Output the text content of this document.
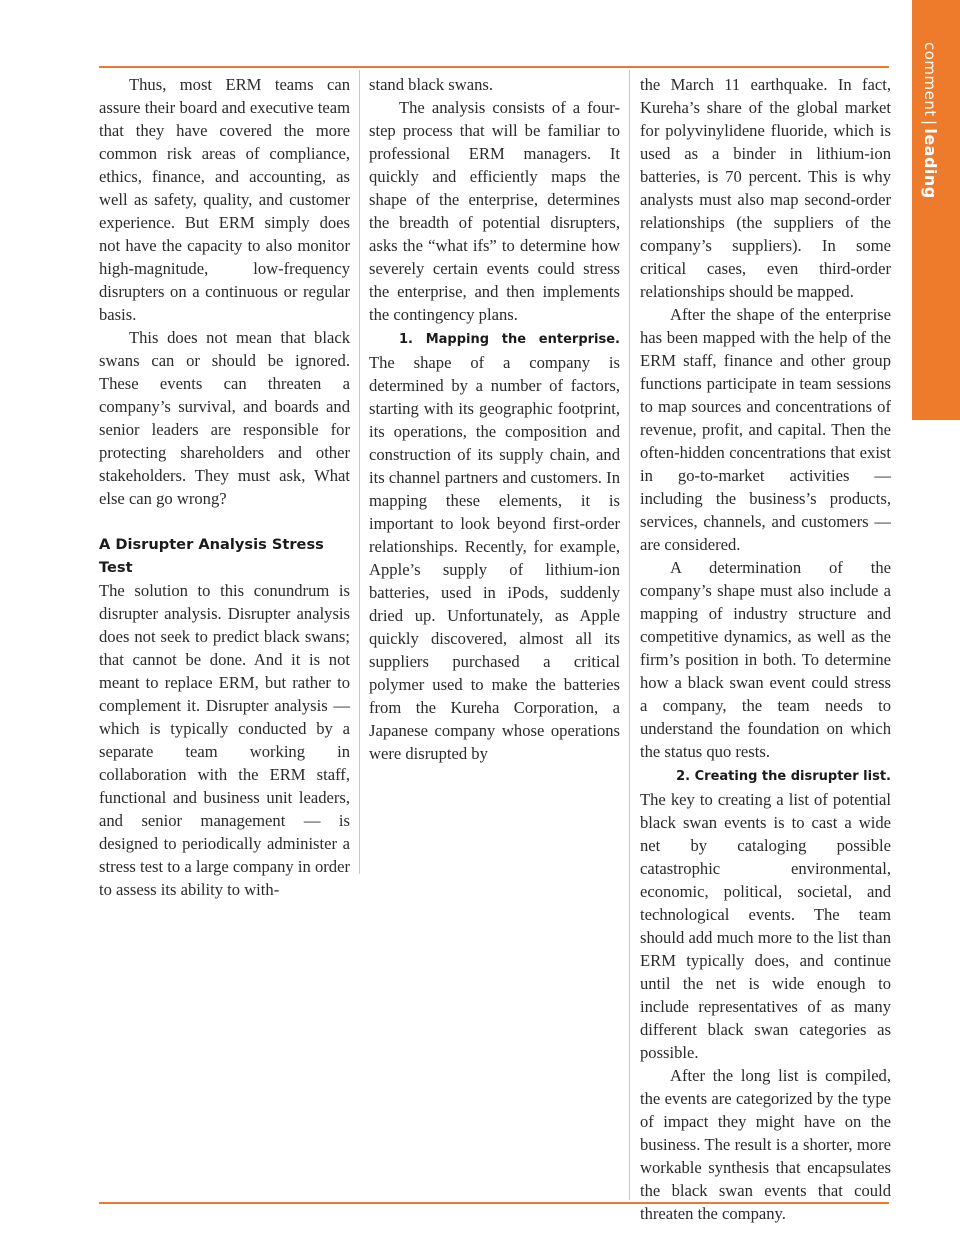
comment|leading

Thus, most ERM teams can assure their board and executive team that they have covered the more common risk areas of compliance, ethics, finance, and accounting, as well as safety, quality, and customer experience. But ERM simply does not have the capacity to also monitor high-magnitude, low-frequency disrupters on a continuous or regular basis.

This does not mean that black swans can or should be ignored. These events can threaten a company’s survival, and boards and senior leaders are responsible for protecting shareholders and other stakeholders. They must ask, What else can go wrong?

A Disrupter Analysis Stress Test

The solution to this conundrum is disrupter analysis. Disrupter analysis does not seek to predict black swans; that cannot be done. And it is not meant to replace ERM, but rather to complement it. Disrupter analysis — which is typically conducted by a separate team working in collaboration with the ERM staff, functional and business unit leaders, and senior management — is designed to periodically administer a stress test to a large company in order to assess its ability to with-

stand black swans.

The analysis consists of a four-step process that will be familiar to professional ERM managers. It quickly and efficiently maps the shape of the enterprise, determines the breadth of potential disrupters, asks the “what ifs” to determine how severely certain events could stress the enterprise, and then implements the contingency plans.

1. Mapping the enterprise. The shape of a company is determined by a number of factors, starting with its geographic footprint, its operations, the composition and construction of its supply chain, and its channel partners and customers. In mapping these elements, it is important to look beyond first-order relationships. Recently, for example, Apple’s supply of lithium-ion batteries, used in iPods, suddenly dried up. Unfortunately, as Apple quickly discovered, almost all its suppliers purchased a critical polymer used to make the batteries from the Kureha Corporation, a Japanese company whose operations were disrupted by

the March 11 earthquake. In fact, Kureha’s share of the global market for polyvinylidene fluoride, which is used as a binder in lithium-ion batteries, is 70 percent. This is why analysts must also map second-order relationships (the suppliers of the company’s suppliers). In some critical cases, even third-order relationships should be mapped.

After the shape of the enterprise has been mapped with the help of the ERM staff, finance and other group functions participate in team sessions to map sources and concentrations of revenue, profit, and capital. Then the often-hidden concentrations that exist in go-to-market activities — including the business’s products, services, channels, and customers — are considered.

A determination of the company’s shape must also include a mapping of industry structure and competitive dynamics, as well as the firm’s position in both. To determine how a black swan event could stress a company, the team needs to understand the foundation on which the status quo rests.

2. Creating the disrupter list.

The key to creating a list of potential black swan events is to cast a wide net by cataloging possible catastrophic environmental, economic, political, societal, and technological events. The team should add much more to the list than ERM typically does, and continue until the net is wide enough to include representatives of as many different black swan categories as possible.

After the long list is compiled, the events are categorized by the type of impact they might have on the business. The result is a shorter, more workable synthesis that encapsulates the black swan events that could threaten the company.
